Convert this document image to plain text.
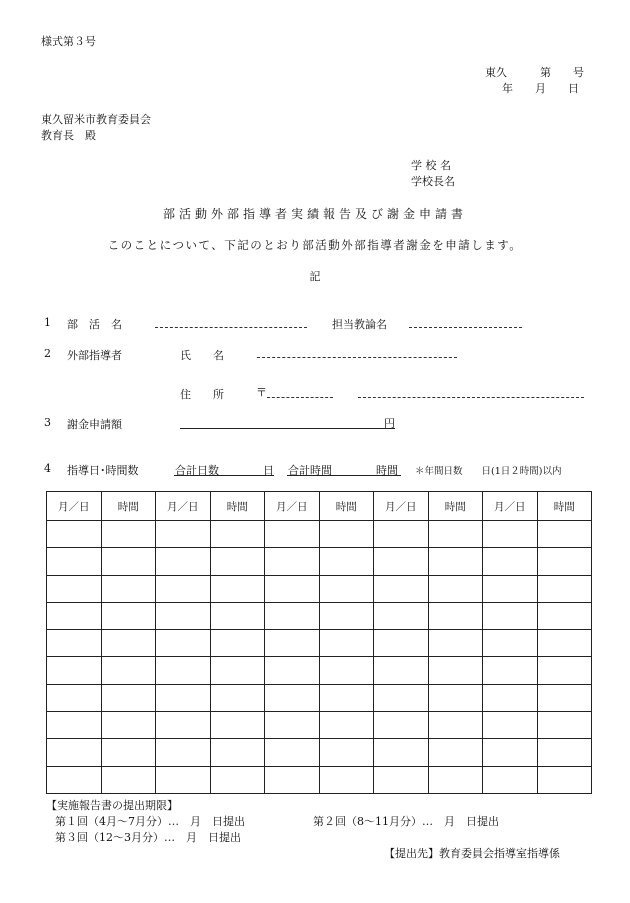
様式第３号
東久　　　第　　号
年　　月　　日
東久留米市教育委員会
教育長　殿
学 校 名
学校長名
部活動外部指導者実績報告及び謝金申請書
このことについて、下記のとおり部活動外部指導者謝金を申請します。
記
1 部　活　名	担当教論名
2 外部指導者	氏　　名
住　　所	〒
3 謝金申請額	円
4 指導日･時間数	合計日数	日 合計時間	時間 ＊年間日数　　日(1日２時間)以内
月／日	時間	月／日	時間	月／日	時間	月／日	時間	月／日	時間

【実施報告書の提出期限】
第１回（4月～7月分）…　月　日提出	第２回（8～11月分）…　月　日提出
第３回（12～3月分）…　月　日提出
【提出先】教育委員会指導室指導係
